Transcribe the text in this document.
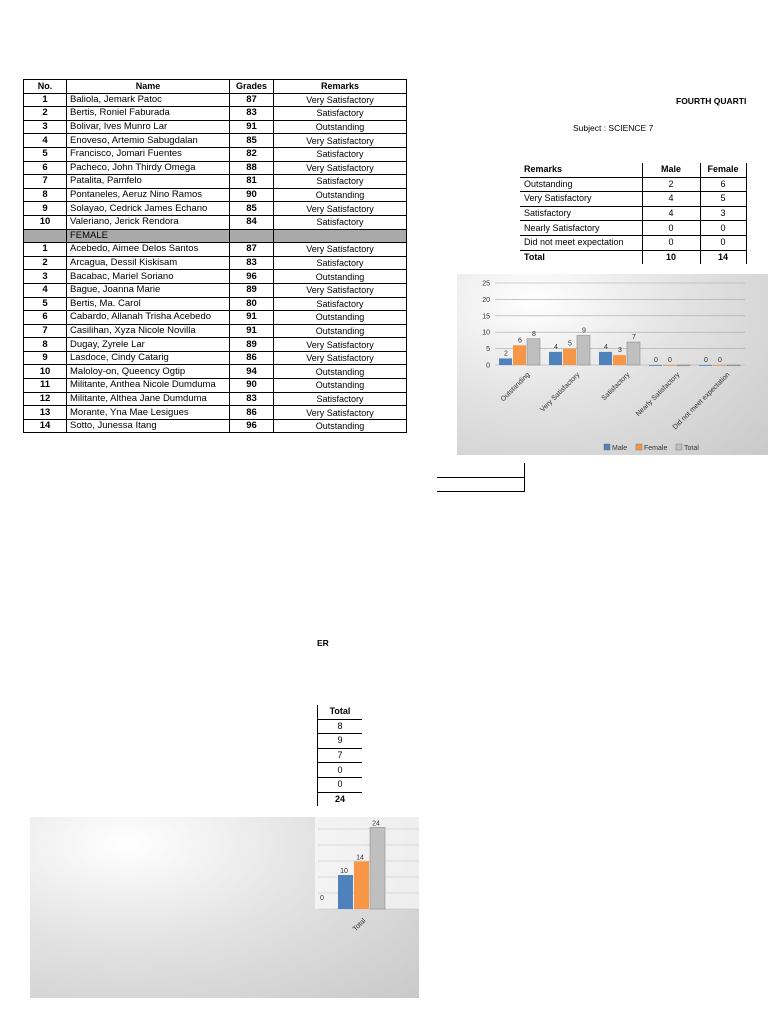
No.	Name	Grades	Remarks
1	Baliola, Jemark Patoc	87	Very Satisfactory
2	Bertis, Roniel Faburada	83	Satisfactory
3	Bolivar, Ives Munro Lar	91	Outstanding
4	Enoveso, Artemio Sabugdalan	85	Very Satisfactory
5	Francisco, Jomari Fuentes	82	Satisfactory
6	Pacheco, John Thirdy Omega	88	Very Satisfactory
7	Patalita, Pamfelo	81	Satisfactory
8	Pontaneles, Aeruz Nino Ramos	90	Outstanding
9	Solayao, Cedrick James Echano	85	Very Satisfactory
10	Valeriano, Jerick Rendora	84	Satisfactory
	FEMALE		
1	Acebedo, Aimee Delos Santos	87	Very Satisfactory
2	Arcagua, Dessil Kiskisam	83	Satisfactory
3	Bacabac, Mariel Soriano	96	Outstanding
4	Bague, Joanna Marie	89	Very Satisfactory
5	Bertis, Ma. Carol	80	Satisfactory
6	Cabardo, Allanah Trisha Acebedo	91	Outstanding
7	Casilihan, Xyza Nicole Novilla	91	Outstanding
8	Dugay, Zyrele Lar	89	Very Satisfactory
9	Lasdoce, Cindy Catarig	86	Very Satisfactory
10	Maloloy-on, Queency Ogtip	94	Outstanding
11	Militante, Anthea Nicole Dumduma	90	Outstanding
12	Militante, Althea Jane Dumduma	83	Satisfactory
13	Morante, Yna Mae Lesigues	86	Very Satisfactory
14	Sotto, Junessa Itang	96	Outstanding
FOURTH QUARTI
Subject : SCIENCE 7
Remarks	Male	Female
Outstanding	2	6
Very Satisfactory	4	5
Satisfactory	4	3
Nearly Satisfactory	0	0
Did not meet expectation	0	0
Total	10	14
0
5
10
15
20
25
2
6
8
Outstanding
4 5
9
Very Satisfactory
4 3
7
Satisfactory
0 0
Nearly Satisfactory
0 0
Did not meet expectation
Male Female Total
ER
Total
8
9
7
0
0
24
0
10
14
24
Total
